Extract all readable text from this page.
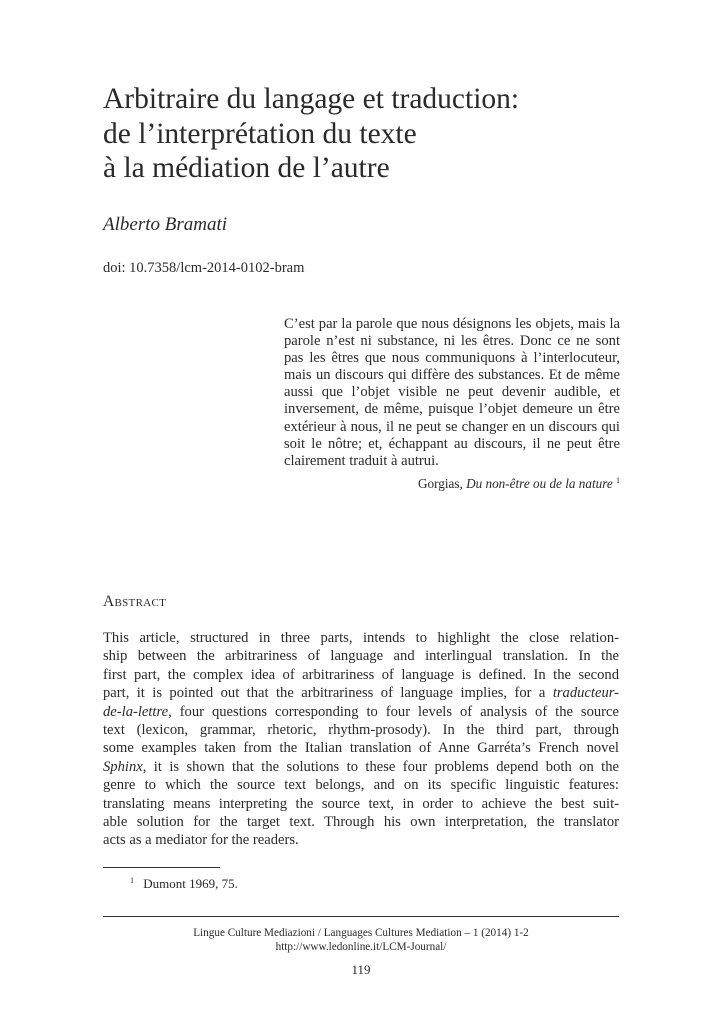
Arbitraire du langage et traduction:
de l’interprétation du texte
à la médiation de l’autre
Alberto Bramati
doi: 10.7358/lcm-2014-0102-bram

C’est par la parole que nous désignons les objets, mais la parole n’est ni substance, ni les êtres. Donc ce ne sont pas les êtres que nous communiquons à l’interlocuteur, mais un discours qui diffère des substances. Et de même aussi que l’objet visible ne peut devenir audible, et inversement, de même, puisque l’objet demeure un être extérieur à nous, il ne peut se changer en un discours qui soit le nôtre; et, échappant au discours, il ne peut être clairement traduit à autrui.

Gorgias, Du non-être ou de la nature $^1$
Abstract
This article, structured in three parts, intends to highlight the close relation-
ship between the arbitrariness of language and interlingual translation. In the
first part, the complex idea of arbitrariness of language is defined. In the second
part, it is pointed out that the arbitrariness of language implies, for a traducteur-
de-la-lettre, four questions corresponding to four levels of analysis of the source
text (lexicon, grammar, rhetoric, rhythm-prosody). In the third part, through
some examples taken from the Italian translation of Anne Garréta’s French novel
Sphinx, it is shown that the solutions to these four problems depend both on the
genre to which the source text belongs, and on its specific linguistic features:
translating means interpreting the source text, in order to achieve the best suit-
able solution for the target text. Through his own interpretation, the translator
acts as a mediator for the readers.
$^1$ Dumont 1969, 75.
Lingue Culture Mediazioni / Languages Cultures Mediation – 1 (2014) 1-2
http://www.ledonline.it/LCM-Journal/
119
